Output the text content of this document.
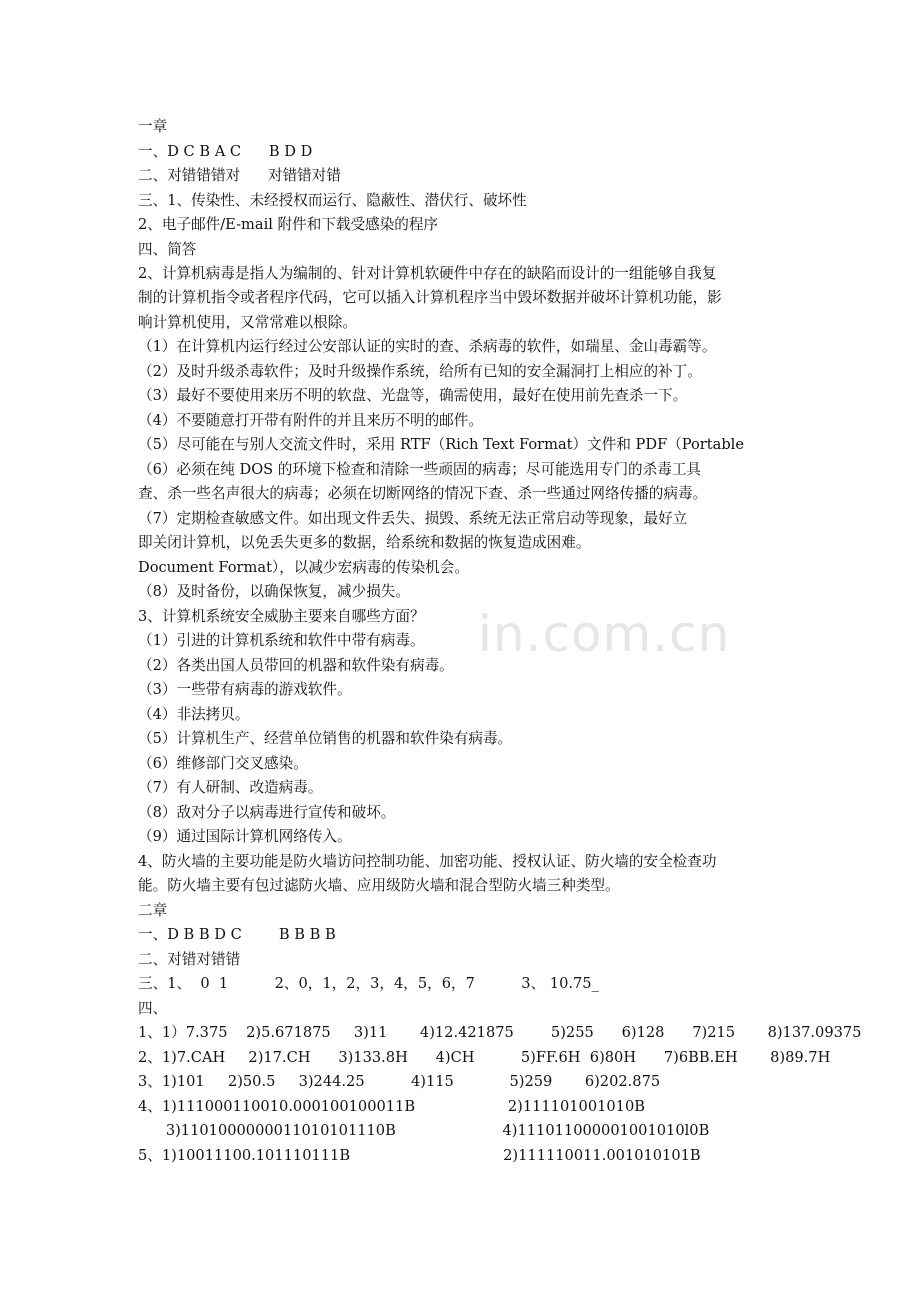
in.com.cn
一章
一、D C B A C      B D D
二、对错错错对      对错错对错
三、1、传染性、未经授权而运行、隐蔽性、潜伏行、破坏性
2、电子邮件/E-mail 附件和下载受感染的程序
四、简答
2、计算机病毒是指人为编制的、针对计算机软硬件中存在的缺陷而设计的一组能够自我复
制的计算机指令或者程序代码，它可以插入计算机程序当中毁坏数据并破坏计算机功能，影
响计算机使用，又常常难以根除。
（1）在计算机内运行经过公安部认证的实时的查、杀病毒的软件，如瑞星、金山毒霸等。
（2）及时升级杀毒软件；及时升级操作系统，给所有已知的安全漏洞打上相应的补丁。
（3）最好不要使用来历不明的软盘、光盘等，确需使用，最好在使用前先查杀一下。
（4）不要随意打开带有附件的并且来历不明的邮件。
（5）尽可能在与别人交流文件时，采用 RTF（Rich Text Format）文件和 PDF（Portable
（6）必须在纯 DOS 的环境下检查和清除一些顽固的病毒；尽可能选用专门的杀毒工具
查、杀一些名声很大的病毒；必须在切断网络的情况下查、杀一些通过网络传播的病毒。
（7）定期检查敏感文件。如出现文件丢失、损毁、系统无法正常启动等现象，最好立
即关闭计算机，以免丢失更多的数据，给系统和数据的恢复造成困难。
Document Format），以减少宏病毒的传染机会。
（8）及时备份，以确保恢复，减少损失。
3、计算机系统安全威胁主要来自哪些方面？
（1）引进的计算机系统和软件中带有病毒。
（2）各类出国人员带回的机器和软件染有病毒。
（3）一些带有病毒的游戏软件。
（4）非法拷贝。
（5）计算机生产、经营单位销售的机器和软件染有病毒。
（6）维修部门交叉感染。
（7）有人研制、改造病毒。
（8）敌对分子以病毒进行宣传和破坏。
（9）通过国际计算机网络传入。
4、防火墙的主要功能是防火墙访问控制功能、加密功能、授权认证、防火墙的安全检查功
能。防火墙主要有包过滤防火墙、应用级防火墙和混合型防火墙三种类型。
二章
一、D B B D C        B B B B
二、对错对错错
三、1、  0  1          2、0，1，2，3，4，5，6，7          3、 10.75_
四、
1、1）7.375    2)5.671875     3)11       4)12.421875        5)255      6)128      7)215       8)137.09375
2、1)7.CAH     2)17.CH      3)133.8H      4)CH          5)FF.6H  6)80H      7)6BB.EH       8)89.7H
3、1)101     2)50.5     3)244.25          4)115            5)259       6)202.875
4、1)111000110010.000100100011B                    2)111101001010B
3)1101000000011010101110B                       4)111011000001001010l0B
5、1)10011100.101110111B                                 2)111110011.001010101B
